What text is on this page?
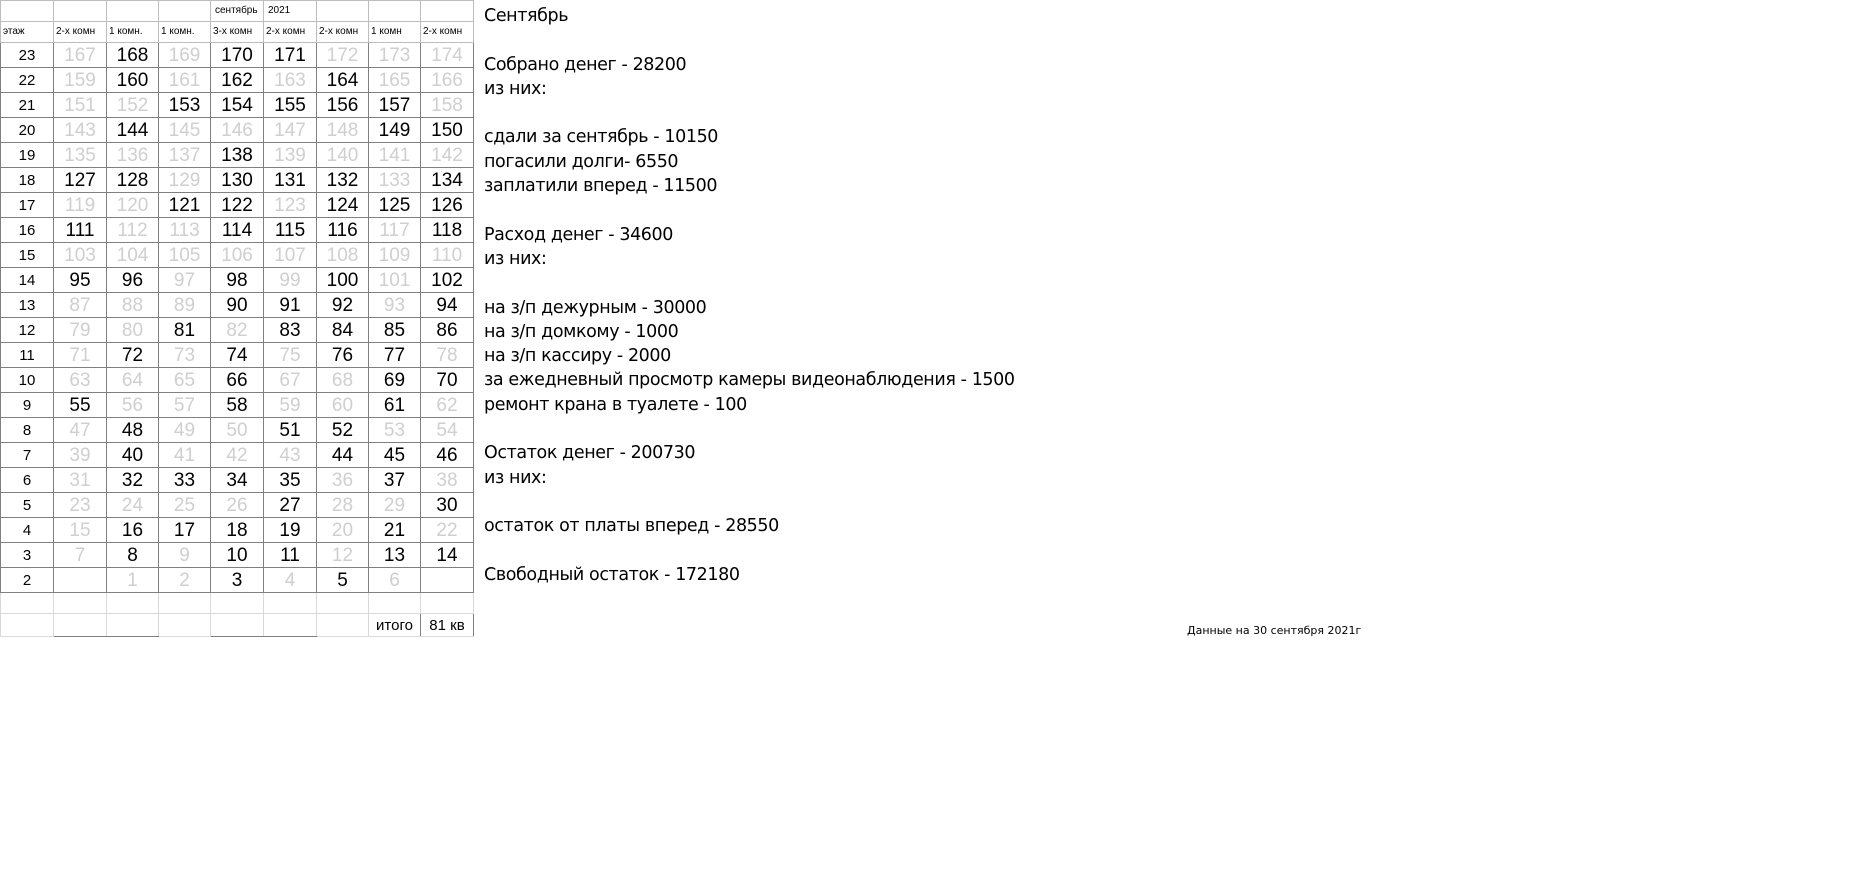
				сентябрь	2021			
этаж	2-х комн	1 комн.	1 комн.	3-х комн	2-х комн	2-х комн	1 комн	2-х комн
23	167	168	169	170	171	172	173	174
22	159	160	161	162	163	164	165	166
21	151	152	153	154	155	156	157	158
20	143	144	145	146	147	148	149	150
19	135	136	137	138	139	140	141	142
18	127	128	129	130	131	132	133	134
17	119	120	121	122	123	124	125	126
16	111	112	113	114	115	116	117	118
15	103	104	105	106	107	108	109	110
14	95	96	97	98	99	100	101	102
13	87	88	89	90	91	92	93	94
12	79	80	81	82	83	84	85	86
11	71	72	73	74	75	76	77	78
10	63	64	65	66	67	68	69	70
9	55	56	57	58	59	60	61	62
8	47	48	49	50	51	52	53	54
7	39	40	41	42	43	44	45	46
6	31	32	33	34	35	36	37	38
5	23	24	25	26	27	28	29	30
4	15	16	17	18	19	20	21	22
3	7	8	9	10	11	12	13	14
2		1	2	3	4	5	6	

							итого	81 кв
Сентябрь
Собрано денег - 28200
из них:
сдали за сентябрь - 10150
погасили долги- 6550
заплатили вперед - 11500
Расход денег - 34600
из них:
на з/п дежурным - 30000
на з/п домкому - 1000
на з/п кассиру - 2000
за ежедневный просмотр камеры видеонаблюдения - 1500
ремонт крана в туалете - 100
Остаток денег - 200730
из них:
остаток от платы вперед - 28550
Свободный остаток - 172180
Данные на 30 сентября 2021г
